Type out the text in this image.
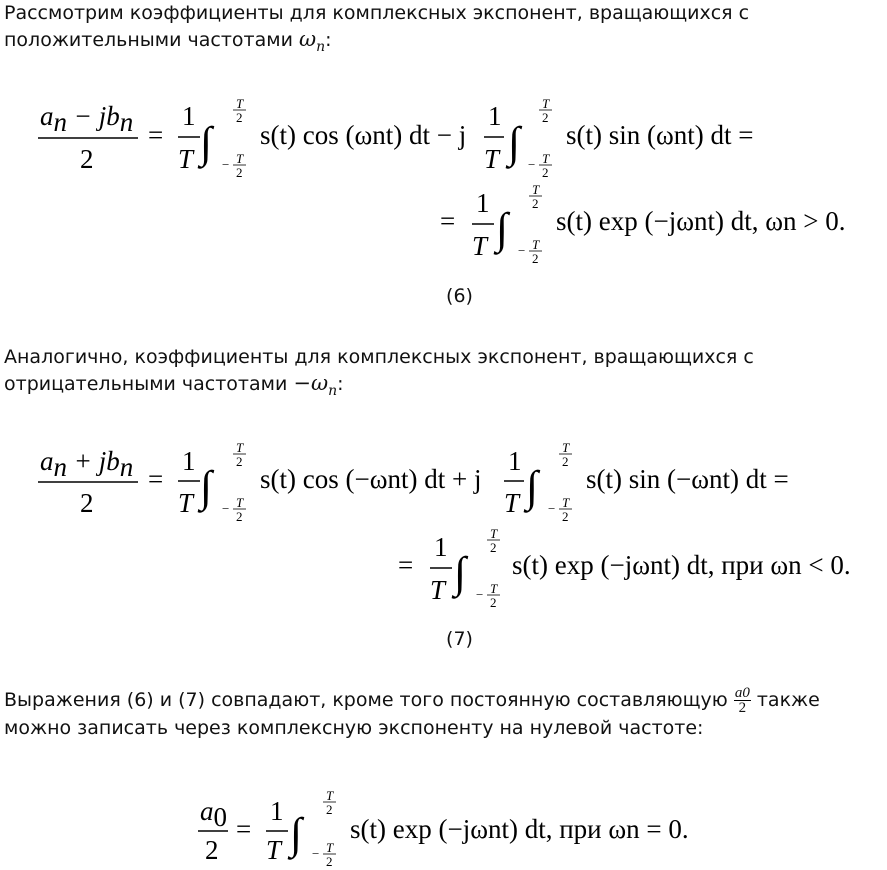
Рассмотрим коэффициенты для комплексных экспонент, вращающихся с положительными частотами $\omega_n$:
an − jbn
2
=
1
T ∫
T
2
− T
2
s(t) cos (ωnt) dt − j
1
T ∫
T
2
− T
2
s(t) sin (ωnt) dt =
=
1
T ∫
T
2
− T
2
s(t) exp (−jωnt) dt, ωn > 0.
(6)
Аналогично, коэффициенты для комплексных экспонент, вращающихся с отрицательными частотами $-\omega_n$:
an + jbn
2
=
1
T ∫
T
2
− T
2
s(t) cos (−ωnt) dt + j
1
T ∫
T
2
− T
2
s(t) sin (−ωnt) dt =
=
1
T ∫
T
2
− T
2
s(t) exp (−jωnt) dt, при ωn < 0.
(7)
Выражения (6) и (7) совпадают, кроме того постоянную составляющую $\frac{a0}{2}$ также можно записать через комплексную экспоненту на нулевой частоте:
a0
2
=
1
T ∫
T
2
− T
2
s(t) exp (−jωnt) dt, при ωn = 0.
